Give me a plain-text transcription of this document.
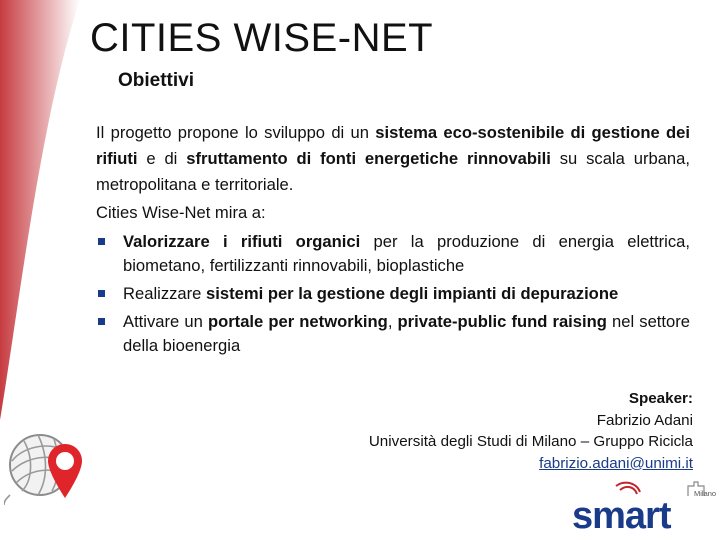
CITIES WISE-NET
Obiettivi

Il progetto propone lo sviluppo di un sistema eco-sostenibile di gestione dei rifiuti e di sfruttamento di fonti energetiche rinnovabili su scala urbana, metropolitana e territoriale.

Cities Wise-Net mira a:

Valorizzare i rifiuti organici per la produzione di energia elettrica, biometano, fertilizzanti rinnovabili, bioplastiche
Realizzare sistemi per la gestione degli impianti di depurazione
Attivare un portale per networking, private-public fund raising nel settore della bioenergia
Speaker:
Fabrizio Adani
Università degli Studi di Milano – Gruppo Ricicla
fabrizio.adani@unimi.it
Milano
smart
